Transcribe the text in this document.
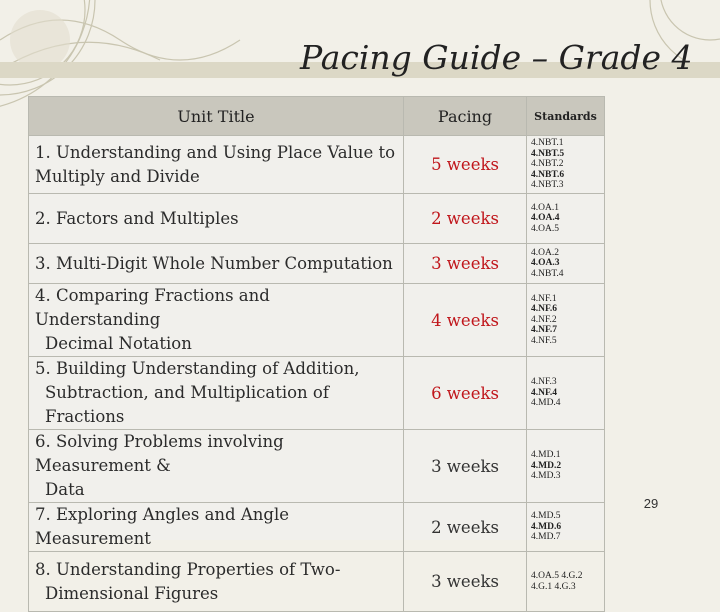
Pacing Guide – Grade 4
Unit Title	Pacing	Standards

1. Understanding and Using Place Value to
Multiply and Divide	5 weeks	4.NBT.1
4.NBT.5
4.NBT.2
4.NBT.6
4.NBT.3

2. Factors and Multiples	2 weeks	4.OA.1
4.OA.4
4.OA.5

3. Multi-Digit Whole Number Computation	3 weeks	4.OA.2
4.OA.3
4.NBT.4

4. Comparing Fractions and Understanding
Decimal Notation	4 weeks	4.NF.1
4.NF.6
4.NF.2
4.NF.7
4.NF.5

5. Building Understanding of Addition,
Subtraction, and Multiplication of Fractions	6 weeks	4.NF.3
4.NF.4
4.MD.4

6. Solving Problems involving Measurement &
Data	3 weeks	4.MD.1
4.MD.2
4.MD.3

7. Exploring Angles and Angle Measurement	2 weeks	4.MD.5
4.MD.6
4.MD.7

8. Understanding Properties of Two-
Dimensional Figures	3 weeks	4.OA.5 4.G.2
4.G.1 4.G.3
29
